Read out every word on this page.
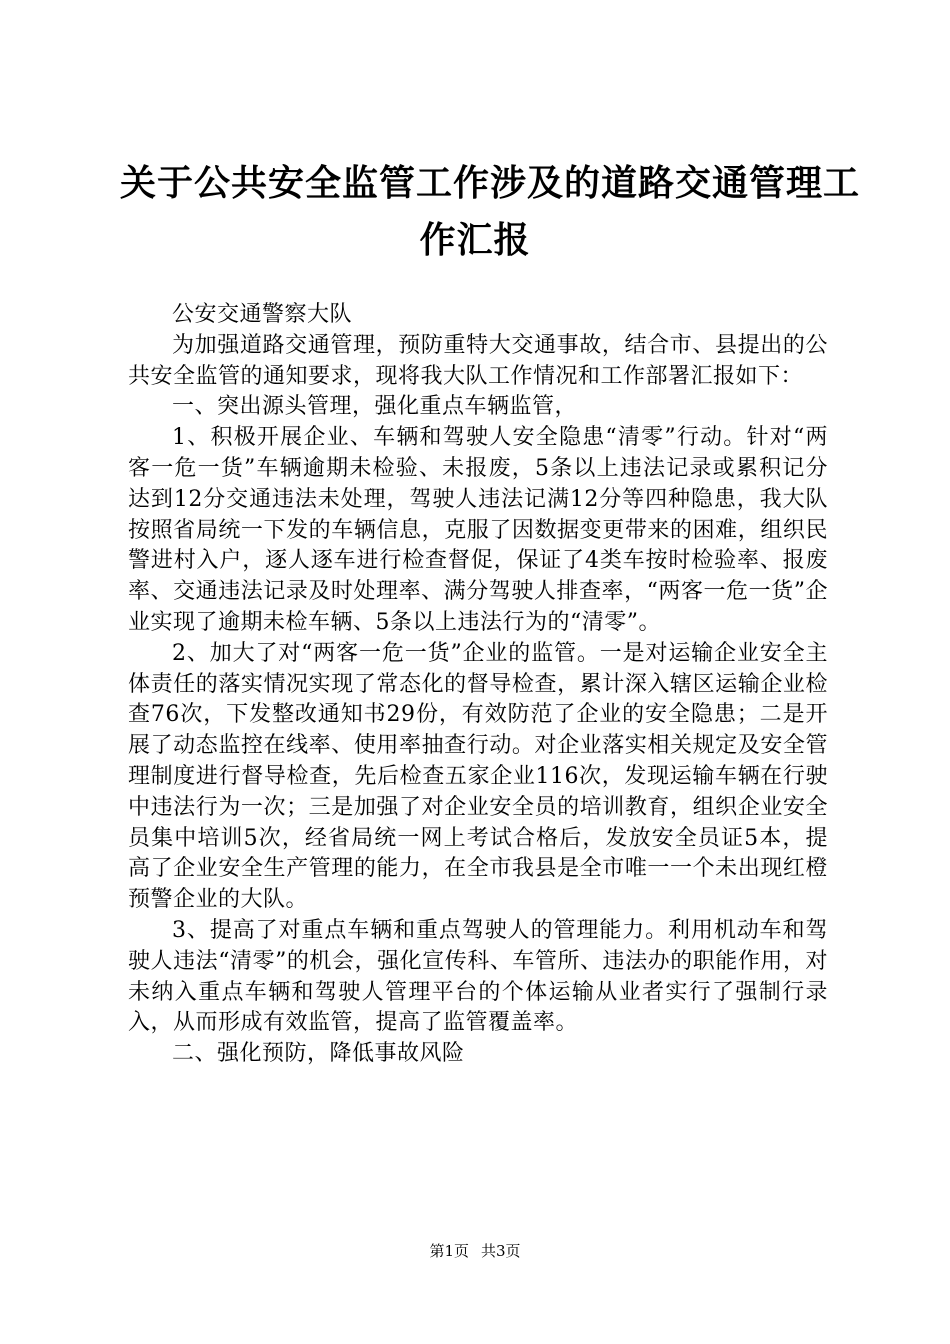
关于公共安全监管工作涉及的道路交通管理工
作汇报

公安交通警察大队

为加强道路交通管理，预防重特大交通事故，结合市、县提出的公共安全监管的通知要求，现将我大队工作情况和工作部署汇报如下：

一、突出源头管理，强化重点车辆监管，

1、积极开展企业、车辆和驾驶人安全隐患“清零”行动。针对“两客一危一货”车辆逾期未检验、未报废，5条以上违法记录或累积记分达到12分交通违法未处理，驾驶人违法记满12分等四种隐患，我大队按照省局统一下发的车辆信息，克服了因数据变更带来的困难，组织民警进村入户，逐人逐车进行检查督促，保证了4类车按时检验率、报废率、交通违法记录及时处理率、满分驾驶人排查率，“两客一危一货”企业实现了逾期未检车辆、5条以上违法行为的“清零”。

2、加大了对“两客一危一货”企业的监管。一是对运输企业安全主体责任的落实情况实现了常态化的督导检查，累计深入辖区运输企业检查76次，下发整改通知书29份，有效防范了企业的安全隐患；二是开展了动态监控在线率、使用率抽查行动。对企业落实相关规定及安全管理制度进行督导检查，先后检查五家企业116次，发现运输车辆在行驶中违法行为一次；三是加强了对企业安全员的培训教育，组织企业安全员集中培训5次，经省局统一网上考试合格后，发放安全员证5本，提高了企业安全生产管理的能力，在全市我县是全市唯一一个未出现红橙预警企业的大队。

3、提高了对重点车辆和重点驾驶人的管理能力。利用机动车和驾驶人违法“清零”的机会，强化宣传科、车管所、违法办的职能作用，对未纳入重点车辆和驾驶人管理平台的个体运输从业者实行了强制行录入，从而形成有效监管，提高了监管覆盖率。

二、强化预防，降低事故风险

第1页 共3页
